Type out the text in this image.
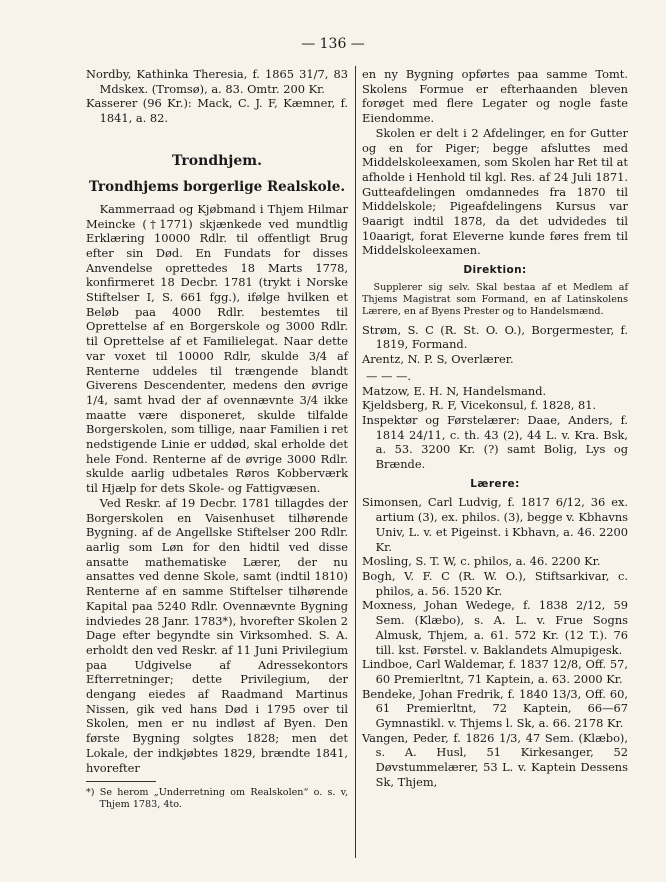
— 136 —

Nordby, Kathinka Theresia, f. 1865 31/7, 83 Mdskex. (Tromsø), a. 83. Omtr. 200 Kr.

Kasserer (96 Kr.): Mack, C. J. F, Kæmner, f. 1841, a. 82.

Trondhjem.

Trondhjems borgerlige Realskole.

Kammerraad og Kjøbmand i Thjem Hilmar Meincke (†1771) skjænkede ved mundtlig Erklæring 10000 Rdlr. til offentligt Brug efter sin Død. En Fundats for disses Anvendelse oprettedes 18 Marts 1778, konfirmeret 18 Decbr. 1781 (trykt i Norske Stiftelser I, S. 661 fgg.), ifølge hvilken et Beløb paa 4000 Rdlr. bestemtes til Oprettelse af en Borgerskole og 3000 Rdlr. til Oprettelse af et Familielegat. Naar dette var voxet til 10000 Rdlr, skulde 3/4 af Renterne uddeles til trængende blandt Giverens Descendenter, medens den øvrige 1/4, samt hvad der af ovennævnte 3/4 ikke maatte være disponeret, skulde tilfalde Borgerskolen, som tillige, naar Familien i ret nedstigende Linie er uddød, skal erholde det hele Fond. Renterne af de øvrige 3000 Rdlr. skulde aarlig udbetales Røros Kobberværk til Hjælp for dets Skole- og Fattigvæsen.

Ved Reskr. af 19 Decbr. 1781 tillagdes der Borgerskolen en Vaisenhuset tilhørende Bygning. af de Angellske Stiftelser 200 Rdlr. aarlig som Løn for den hidtil ved disse ansatte mathematiske Lærer, der nu ansattes ved denne Skole, samt (indtil 1810) Renterne af en samme Stiftelser tilhørende Kapital paa 5240 Rdlr. Ovennævnte Bygning indviedes 28 Janr. 1783*), hvorefter Skolen 2 Dage efter begyndte sin Virksomhed. S. A. erholdt den ved Reskr. af 11 Juni Privilegium paa Udgivelse af Adressekontors Efterretninger; dette Privilegium, der dengang eiedes af Raadmand Martinus Nissen, gik ved hans Død i 1795 over til Skolen, men er nu indløst af Byen. Den første Bygning solgtes 1828; men det Lokale, der indkjøbtes 1829, brændte 1841, hvorefter

*) Se herom „Underretning om Realskolen“ o. s. v, Thjem 1783, 4to.

en ny Bygning opførtes paa samme Tomt. Skolens Formue er efterhaanden bleven forøget med flere Legater og nogle faste Eiendomme.

Skolen er delt i 2 Afdelinger, en for Gutter og en for Piger; begge afsluttes med Middelskoleexamen, som Skolen har Ret til at afholde i Henhold til kgl. Res. af 24 Juli 1871. Gutteafdelingen omdannedes fra 1870 til Middelskole; Pigeafdelingens Kursus var 9aarigt indtil 1878, da det udvidedes til 10aarigt, forat Eleverne kunde føres frem til Middelskoleexamen.

Direktion:

Supplerer sig selv. Skal bestaa af et Medlem af Thjems Magistrat som Formand, en af Latinskolens Lærere, en af Byens Prester og to Handelsmænd.

Strøm, S. C (R. St. O. O.), Borgermester, f. 1819, Formand.

Arentz, N. P. S, Overlærer.

— — —.

Matzow, E. H. N, Handelsmand.

Kjeldsberg, R. F, Vicekonsul, f. 1828, 81.

Inspektør og Førstelærer: Daae, Anders, f. 1814 24/11, c. th. 43 (2), 44 L. v. Kra. Bsk, a. 53. 3200 Kr. (?) samt Bolig, Lys og Brænde.

Lærere:

Simonsen, Carl Ludvig, f. 1817 6/12, 36 ex. artium (3), ex. philos. (3), begge v. Kbhavns Univ, L. v. et Pigeinst. i Kbhavn, a. 46. 2200 Kr.

Mosling, S. T. W, c. philos, a. 46. 2200 Kr.

Bogh, V. F. C (R. W. O.), Stiftsarkivar, c. philos, a. 56. 1520 Kr.

Moxness, Johan Wedege, f. 1838 2/12, 59 Sem. (Klæbo), s. A. L. v. Frue Sogns Almusk, Thjem, a. 61. 572 Kr. (12 T.). 76 till. kst. Førstel. v. Baklandets Almupigesk.

Lindboe, Carl Waldemar, f. 1837 12/8, Off. 57, 60 Premierltnt, 71 Kaptein, a. 63. 2000 Kr.

Bendeke, Johan Fredrik, f. 1840 13/3, Off. 60, 61 Premierltnt, 72 Kaptein, 66—67 Gymnastikl. v. Thjems l. Sk, a. 66. 2178 Kr.

Vangen, Peder, f. 1826 1/3, 47 Sem. (Klæbo), s. A. Husl, 51 Kirkesanger, 52 Døvstummelærer, 53 L. v. Kaptein Dessens Sk, Thjem,
